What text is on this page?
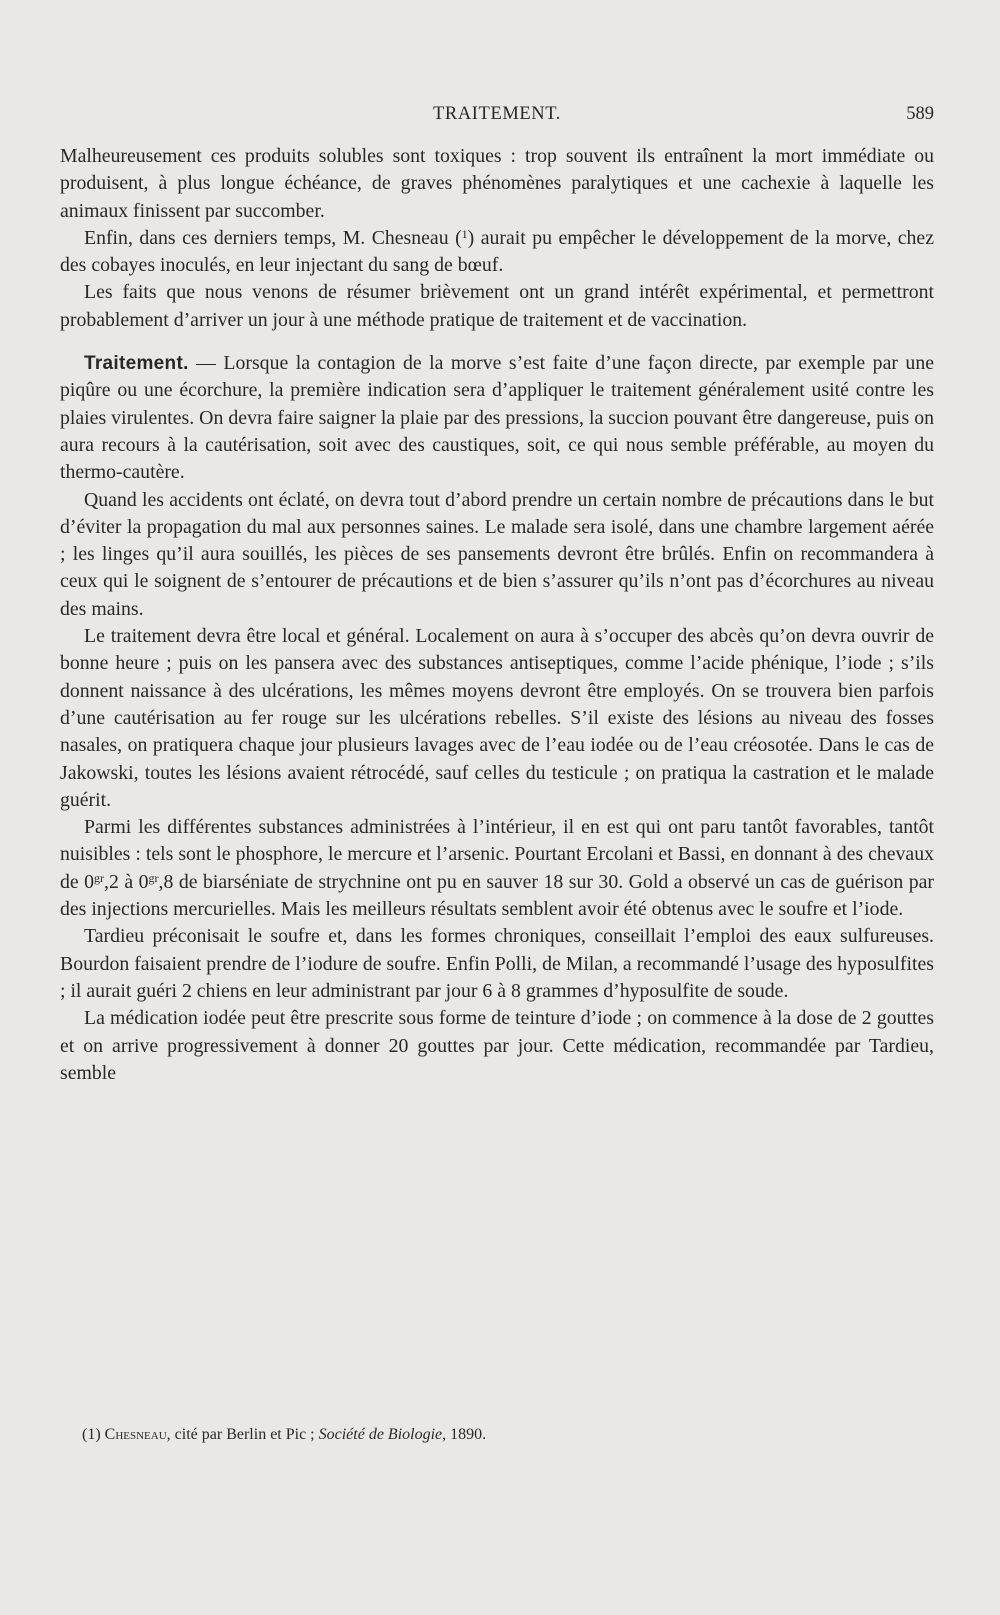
TRAITEMENT.	589

Malheureusement ces produits solubles sont toxiques : trop souvent ils entraînent la mort immédiate ou produisent, à plus longue échéance, de graves phénomènes paralytiques et une cachexie à laquelle les animaux finissent par succomber.

Enfin, dans ces derniers temps, M. Chesneau ($^1$) aurait pu empêcher le développement de la morve, chez des cobayes inoculés, en leur injectant du sang de bœuf.

Les faits que nous venons de résumer brièvement ont un grand intérêt expérimental, et permettront probablement d’arriver un jour à une méthode pratique de traitement et de vaccination.

Traitement. — Lorsque la contagion de la morve s’est faite d’une façon directe, par exemple par une piqûre ou une écorchure, la première indication sera d’appliquer le traitement généralement usité contre les plaies virulentes. On devra faire saigner la plaie par des pressions, la succion pouvant être dangereuse, puis on aura recours à la cautérisation, soit avec des caustiques, soit, ce qui nous semble préférable, au moyen du thermo-cautère.

Quand les accidents ont éclaté, on devra tout d’abord prendre un certain nombre de précautions dans le but d’éviter la propagation du mal aux personnes saines. Le malade sera isolé, dans une chambre largement aérée ; les linges qu’il aura souillés, les pièces de ses pansements devront être brûlés. Enfin on recommandera à ceux qui le soignent de s’entourer de précautions et de bien s’assurer qu’ils n’ont pas d’écorchures au niveau des mains.

Le traitement devra être local et général. Localement on aura à s’occuper des abcès qu’on devra ouvrir de bonne heure ; puis on les pansera avec des substances antiseptiques, comme l’acide phénique, l’iode ; s’ils donnent naissance à des ulcérations, les mêmes moyens devront être employés. On se trouvera bien parfois d’une cautérisation au fer rouge sur les ulcérations rebelles. S’il existe des lésions au niveau des fosses nasales, on pratiquera chaque jour plusieurs lavages avec de l’eau iodée ou de l’eau créosotée. Dans le cas de Jakowski, toutes les lésions avaient rétrocédé, sauf celles du testicule ; on pratiqua la castration et le malade guérit.

Parmi les différentes substances administrées à l’intérieur, il en est qui ont paru tantôt favorables, tantôt nuisibles : tels sont le phosphore, le mercure et l’arsenic. Pourtant Ercolani et Bassi, en donnant à des chevaux de $0^{gr},2$ à $0^{gr},8$ de biarséniate de strychnine ont pu en sauver 18 sur 30. Gold a observé un cas de guérison par des injections mercurielles. Mais les meilleurs résultats semblent avoir été obtenus avec le soufre et l’iode.

Tardieu préconisait le soufre et, dans les formes chroniques, conseillait l’emploi des eaux sulfureuses. Bourdon faisaient prendre de l’iodure de soufre. Enfin Polli, de Milan, a recommandé l’usage des hyposulfites ; il aurait guéri 2 chiens en leur administrant par jour 6 à 8 grammes d’hyposulfite de soude.

La médication iodée peut être prescrite sous forme de teinture d’iode ; on commence à la dose de 2 gouttes et on arrive progressivement à donner 20 gouttes par jour. Cette médication, recommandée par Tardieu, semble

(1) Chesneau, cité par Berlin et Pic ; Société de Biologie, 1890.
